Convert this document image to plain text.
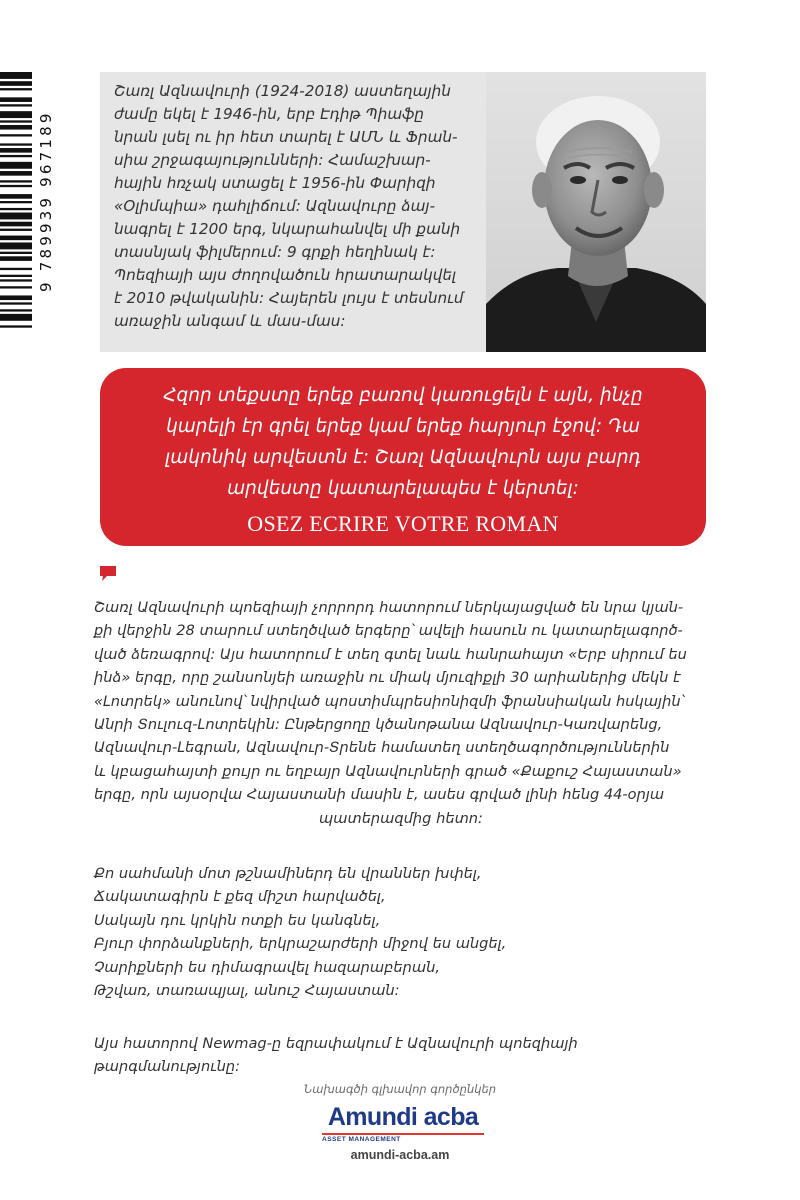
9 789939 967189
Շառլ Ազնավուրի (1924-2018) աստեղային
ժամը եկել է 1946-ին, երբ Էդիթ Պիաֆը
նրան լսել ու իր հետ տարել է ԱՄՆ և Ֆրան-
սիա շրջագայությունների: Համաշխար-
հային հռչակ ստացել է 1956-ին Փարիզի
«Օլիմպիա» դահլիճում: Ազնավուրը ձայ-
նագրել է 1200 երգ, նկարահանվել մի քանի
տասնյակ ֆիլմերում: 9 գրքի հեղինակ է:
Պոեզիայի այս ժողովածուն հրատարակվել
է 2010 թվականին: Հայերեն լույս է տեսնում
առաջին անգամ և մաս-մաս:
Հզոր տեքստը երեք բառով կառուցելն է այն, ինչը
կարելի էր գրել երեք կամ երեք հարյուր էջով: Դա
լակոնիկ արվեստն է: Շառլ Ազնավուրն այս բարդ
արվեստը կատարելապես է կերտել:
OSEZ ECRIRE VOTRE ROMAN
Շառլ Ազնավուրի պոեզիայի չորրորդ հատորում ներկայացված են նրա կյան-
քի վերջին 28 տարում ստեղծված երգերը՝ ավելի հասուն ու կատարելագործ-
ված ձեռագրով: Այս հատորում է տեղ գտել նաև հանրահայտ «Երբ սիրում ես
ինձ» երգը, որը շանսոնյեի առաջին ու միակ մյուզիքլի 30 արիաներից մեկն է
«Լոտրեկ» անունով՝ նվիրված պոստիմպրեսիոնիզմի ֆրանսիական հսկային՝
Անրի Տուլուզ-Լոտրեկին: Ընթերցողը կծանոթանա Ազնավուր-Կառվարենց,
Ազնավուր-Լեգրան, Ազնավուր-Տրենե համատեղ ստեղծագործություններին
և կբացահայտի քույր ու եղբայր Ազնավուրների գրած «Քաքուշ Հայաստան»
երգը, որն այսօրվա Հայաստանի մասին է, ասես գրված լինի հենց 44-օրյա
պատերազմից հետո:
Քո սահմանի մոտ թշնամիներդ են վրաններ խփել,
Ճակատագիրն է քեզ միշտ հարվածել,
Սակայն դու կրկին ոտքի ես կանգնել,
Բյուր փորձանքների, երկրաշարժերի միջով ես անցել,
Չարիքների ես դիմագրավել հազարաբերան,
Թշվառ, տառապյալ, անուշ Հայաստան:
Այս հատորով Newmag-ը եզրափակում է Ազնավուրի պոեզիայի թարգմանությունը:
Նախագծի գլխավոր գործընկեր
Amundi acba
ASSET MANAGEMENT
amundi-acba.am
